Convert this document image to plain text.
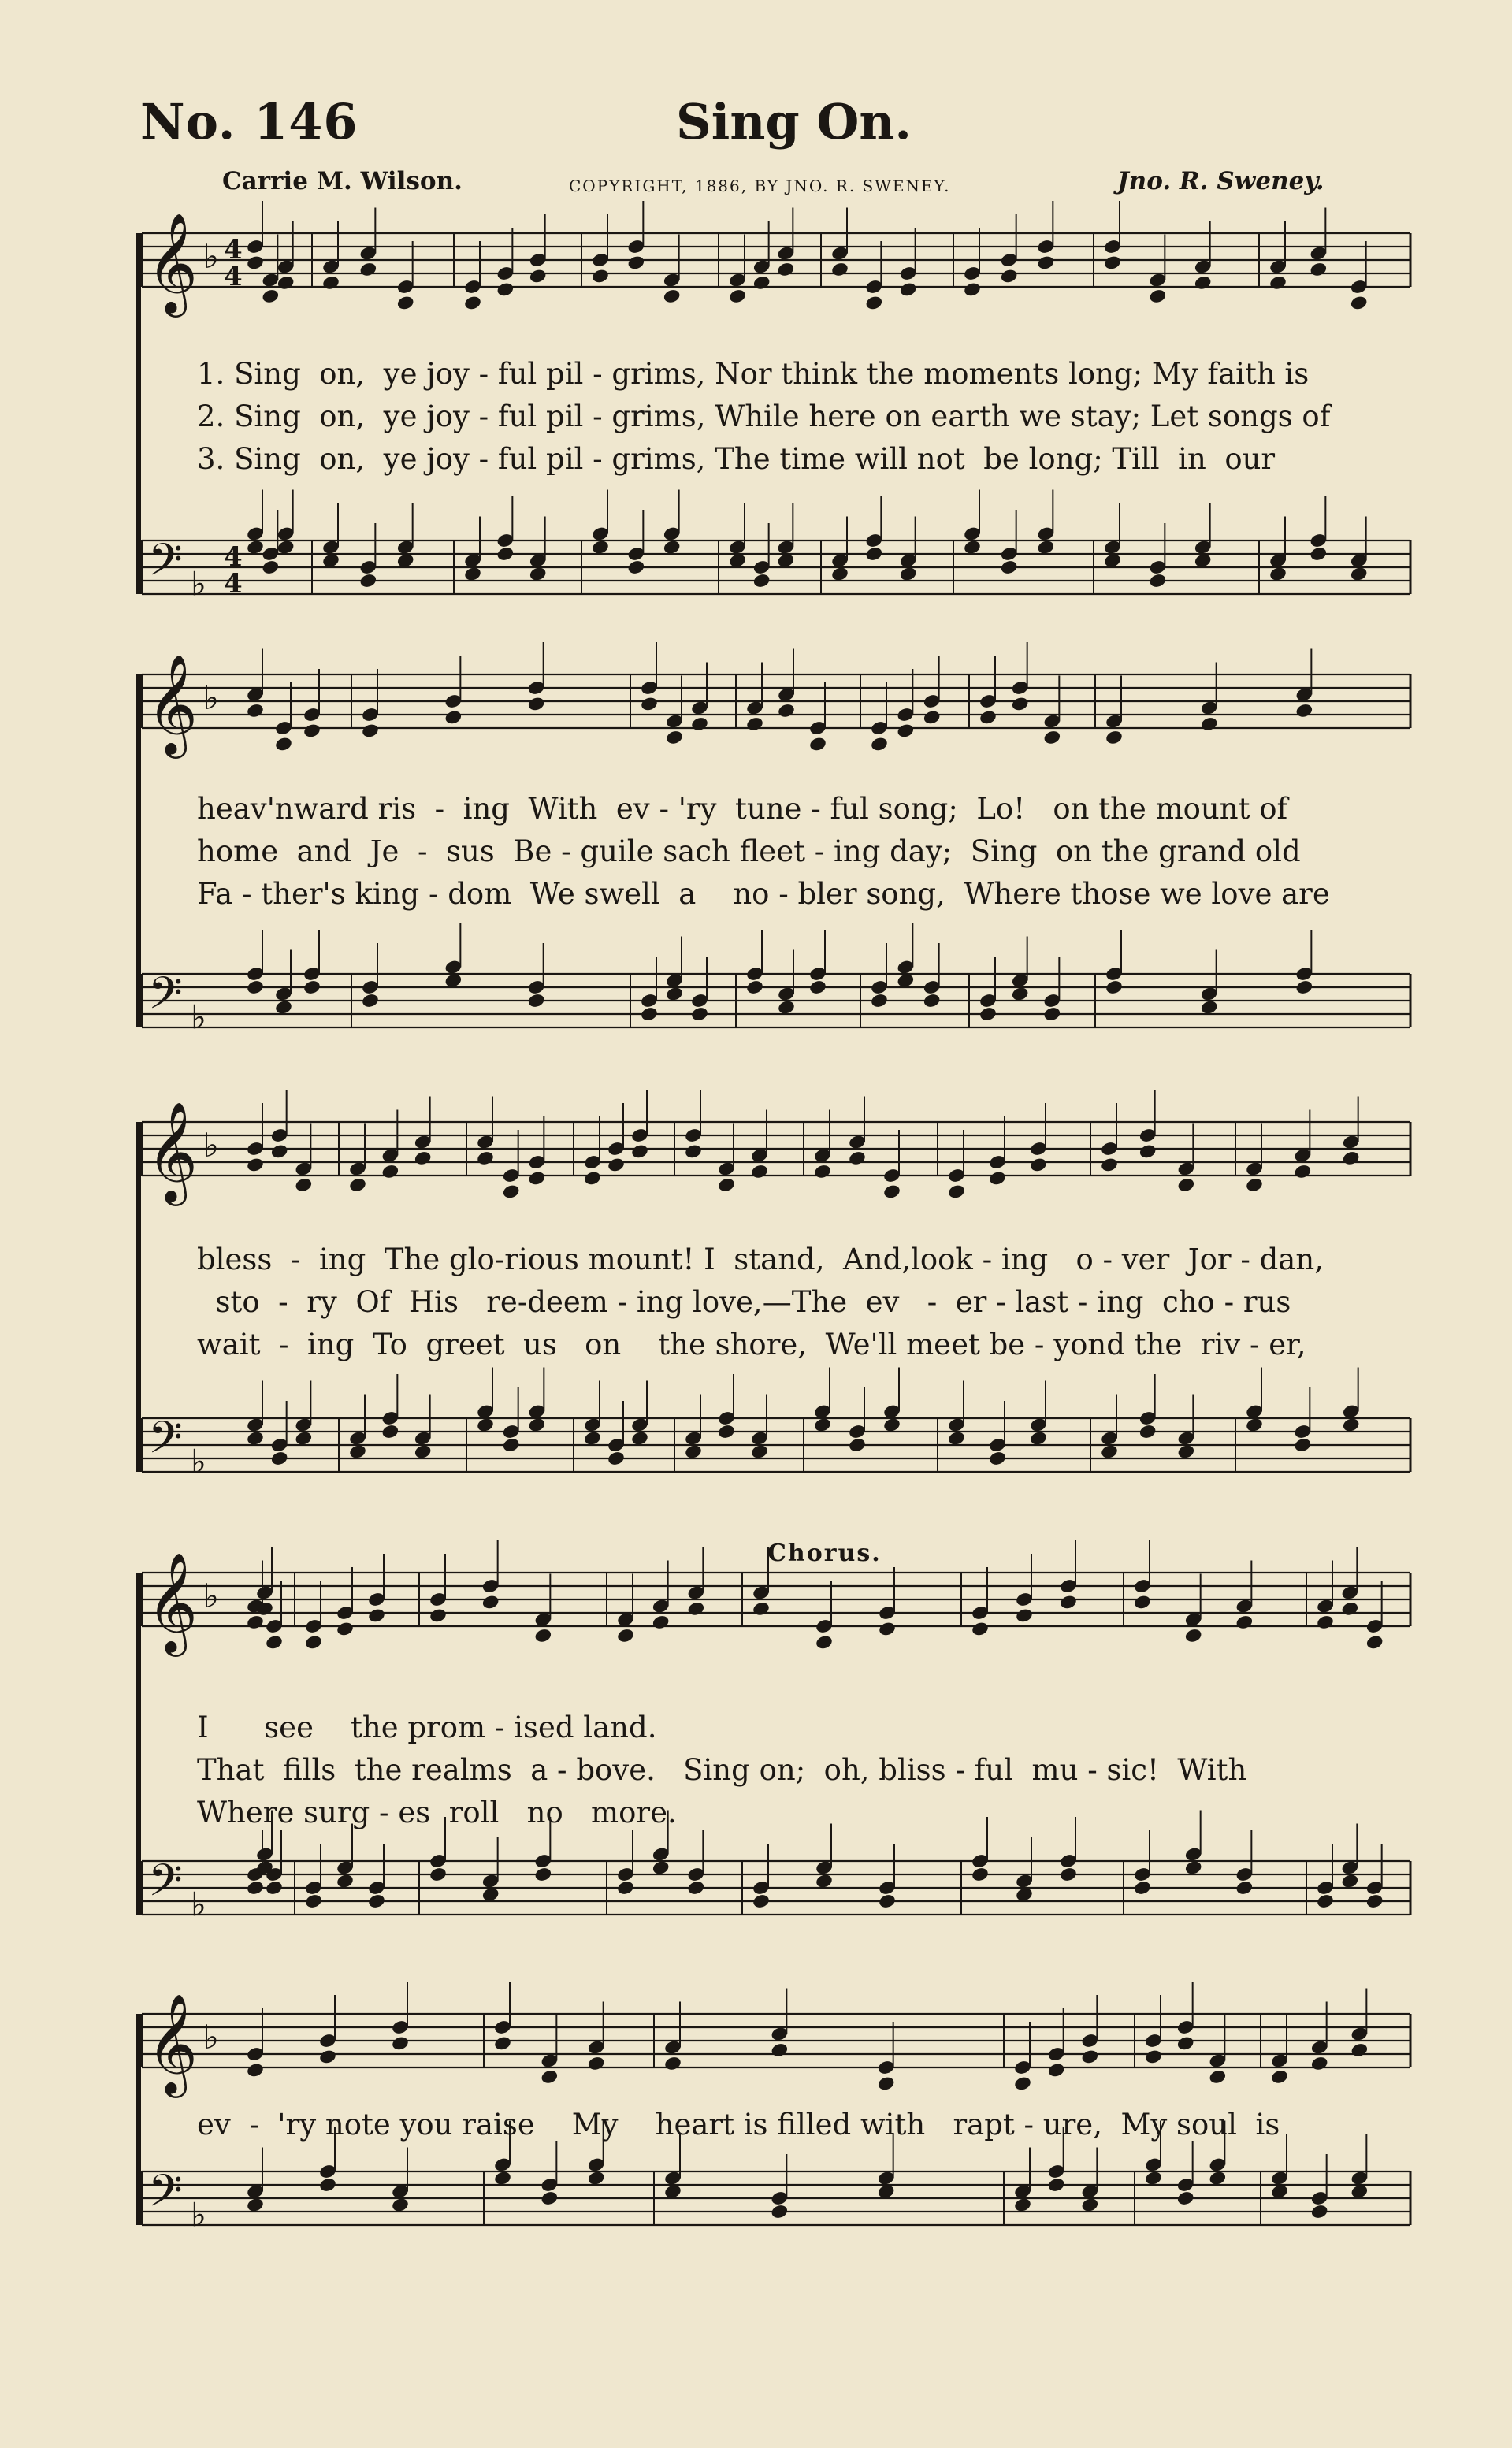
No. 146	Sing On.
Carrie M. Wilson.	COPYRIGHT, 1886, BY JNO. R. SWENEY.	Jno. R. Sweney.
♭
♭
𝄞
𝄢
♭
♭
𝄞
𝄢
♭
♭
𝄞
𝄢
♭
♭
𝄞
𝄢
♭
♭
𝄞
𝄢
4
4
4
4
1. Sing  on,  ye joy - ful pil - grims, Nor think the moments long; My faith is
2. Sing  on,  ye joy - ful pil - grims, While here on earth we stay; Let songs of
3. Sing  on,  ye joy - ful pil - grims, The time will not  be long; Till  in  our
heav'nward ris  -  ing  With  ev - 'ry  tune - ful song;  Lo!   on the mount of
home  and  Je  -  sus  Be - guile sach fleet - ing day;  Sing  on the grand old
Fa - ther's king - dom  We swell  a    no - bler song,  Where those we love are
bless  -  ing  The glo-rious mount! I  stand,  And,look - ing   o - ver  Jor - dan,
sto  -  ry  Of  His   re-deem - ing love,—The  ev   -  er - last - ing  cho - rus
wait  -  ing  To  greet  us   on    the shore,  We'll meet be - yond the  riv - er,
Chorus.
I      see    the prom - ised land.
That  fills  the realms  a - bove.   Sing on;  oh, bliss - ful  mu - sic!  With
Where surg - es  roll   no   more.
ev  -  'ry note you raise    My    heart is filled with   rapt - ure,  My soul  is
